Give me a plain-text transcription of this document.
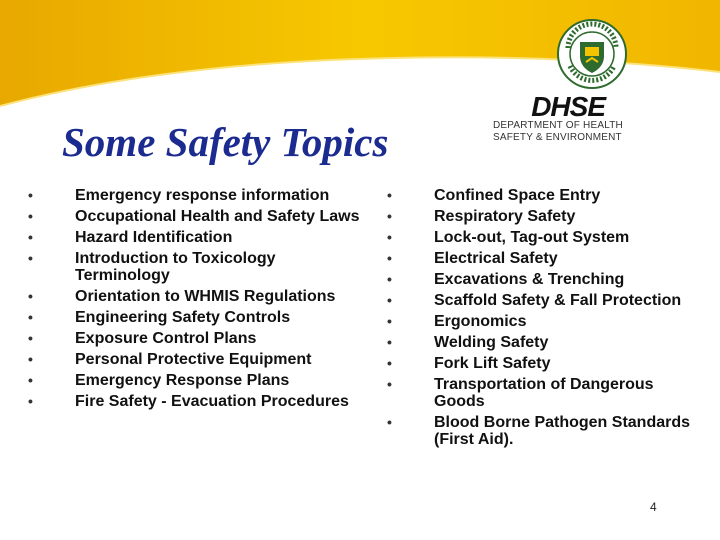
DHSE
DEPARTMENT OF HEALTH
SAFETY & ENVIRONMENT
Some Safety Topics
•	Emergency response information
•	Occupational Health and Safety Laws
•	Hazard Identification
•	Introduction to Toxicology Terminology
•	Orientation to WHMIS Regulations
•	Engineering Safety Controls
•	Exposure Control Plans
•	Personal Protective Equipment
•	Emergency Response Plans
•	Fire Safety - Evacuation Procedures
•	Confined Space Entry
•	Respiratory Safety
•	Lock-out, Tag-out System
•	Electrical Safety
•	Excavations & Trenching
•	Scaffold Safety & Fall Protection
•	Ergonomics
•	Welding Safety
•	Fork Lift Safety
•	Transportation of Dangerous Goods
•	Blood Borne Pathogen Standards (First Aid).
4
